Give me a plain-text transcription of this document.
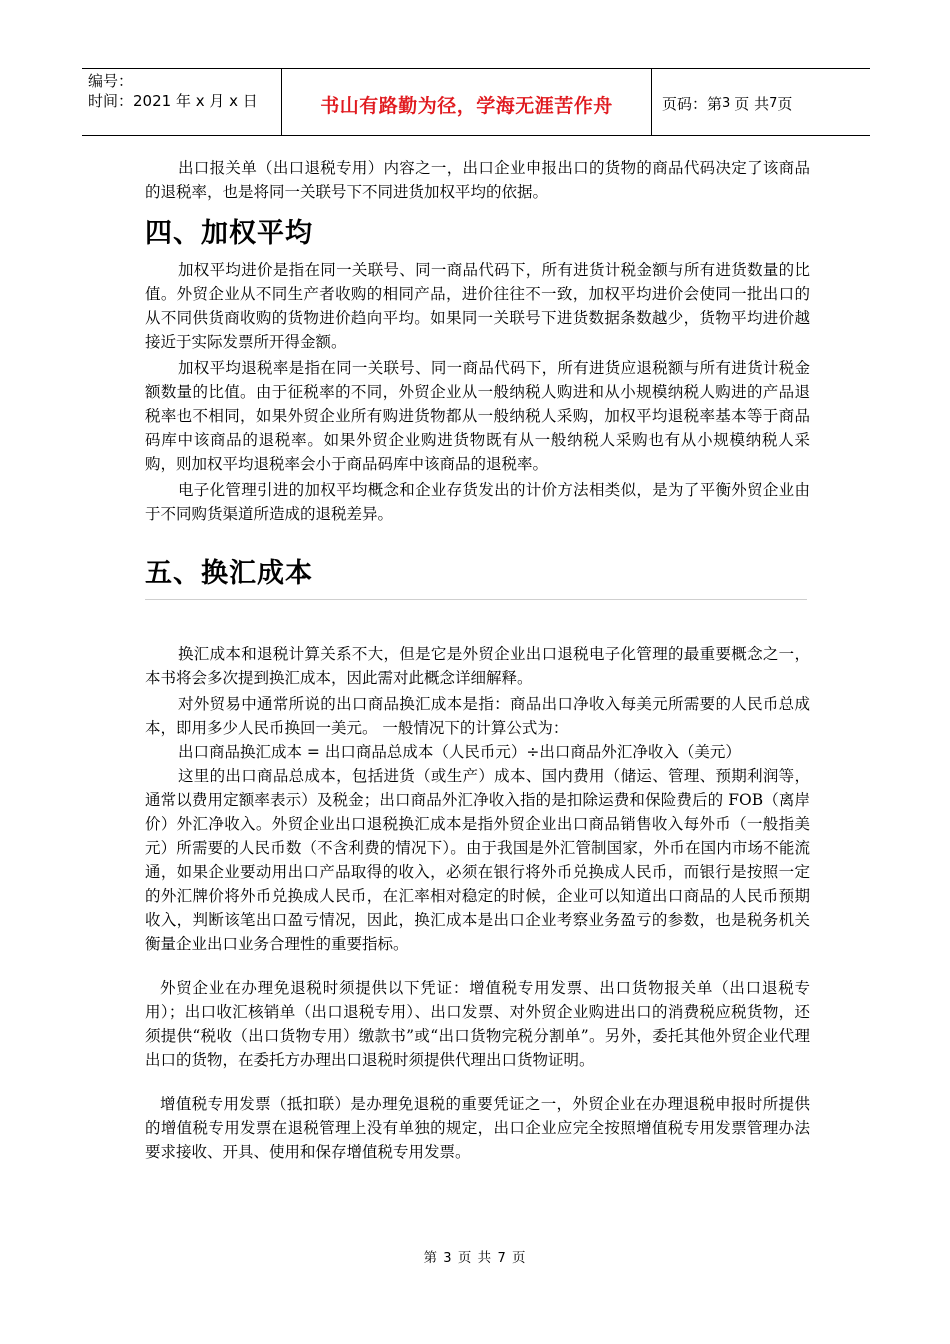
编号：
时间：2021 年 x 月 x 日	书山有路勤为径，学海无涯苦作舟	页码：第 3 页 共 7 页

出口报关单（出口退税专用）内容之一，出口企业申报出口的货物的商品代码决定了该商品的退税率，也是将同一关联号下不同进货加权平均的依据。

四、加权平均

加权平均进价是指在同一关联号、同一商品代码下，所有进货计税金额与所有进货数量的比值。外贸企业从不同生产者收购的相同产品，进价往往不一致，加权平均进价会使同一批出口的从不同供货商收购的货物进价趋向平均。如果同一关联号下进货数据条数越少，货物平均进价越接近于实际发票所开得金额。

加权平均退税率是指在同一关联号、同一商品代码下，所有进货应退税额与所有进货计税金额数量的比值。由于征税率的不同，外贸企业从一般纳税人购进和从小规模纳税人购进的产品退税率也不相同，如果外贸企业所有购进货物都从一般纳税人采购，加权平均退税率基本等于商品码库中该商品的退税率。如果外贸企业购进货物既有从一般纳税人采购也有从小规模纳税人采购，则加权平均退税率会小于商品码库中该商品的退税率。

电子化管理引进的加权平均概念和企业存货发出的计价方法相类似，是为了平衡外贸企业由于不同购货渠道所造成的退税差异。

五、换汇成本

换汇成本和退税计算关系不大，但是它是外贸企业出口退税电子化管理的最重要概念之一，本书将会多次提到换汇成本，因此需对此概念详细解释。

对外贸易中通常所说的出口商品换汇成本是指：商品出口净收入每美元所需要的人民币总成本，即用多少人民币换回一美元。 一般情况下的计算公式为：

出口商品换汇成本 = 出口商品总成本（人民币元）÷出口商品外汇净收入（美元）

这里的出口商品总成本，包括进货（或生产）成本、国内费用（储运、管理、预期利润等，通常以费用定额率表示）及税金；出口商品外汇净收入指的是扣除运费和保险费后的 FOB（离岸价）外汇净收入。外贸企业出口退税换汇成本是指外贸企业出口商品销售收入每外币（一般指美元）所需要的人民币数（不含利费的情况下）。由于我国是外汇管制国家，外币在国内市场不能流通，如果企业要动用出口产品取得的收入，必须在银行将外币兑换成人民币，而银行是按照一定的外汇牌价将外币兑换成人民币，在汇率相对稳定的时候，企业可以知道出口商品的人民币预期收入，判断该笔出口盈亏情况，因此，换汇成本是出口企业考察业务盈亏的参数，也是税务机关衡量企业出口业务合理性的重要指标。

外贸企业在办理免退税时须提供以下凭证：增值税专用发票、出口货物报关单（出口退税专用）；出口收汇核销单（出口退税专用）、出口发票、对外贸企业购进出口的消费税应税货物，还须提供“税收（出口货物专用）缴款书”或“出口货物完税分割单”。另外，委托其他外贸企业代理出口的货物，在委托方办理出口退税时须提供代理出口货物证明。

增值税专用发票（抵扣联）是办理免退税的重要凭证之一，外贸企业在办理退税申报时所提供的增值税专用发票在退税管理上没有单独的规定，出口企业应完全按照增值税专用发票管理办法要求接收、开具、使用和保存增值税专用发票。

第 3 页 共 7 页
